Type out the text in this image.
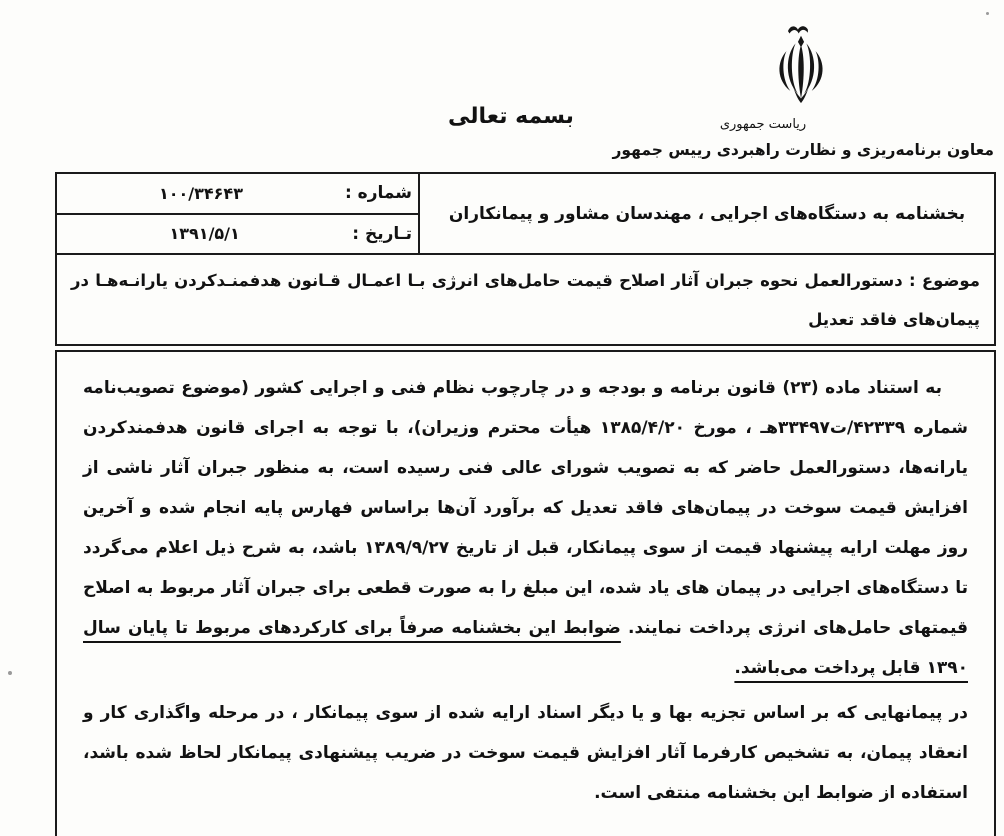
ریاست جمهوری
بسمه تعالی
معاون برنامه‌ریزی و نظارت راهبردی رییس جمهور
بخشنامه به دستگاه‌های اجرایی ، مهندسان مشاور و پیمانکاران
شماره :
۱۰۰/۳۴۶۴۳
تـاریخ :
۱۳۹۱/۵/۱
موضوع : دستورالعمل نحوه جبران آثار اصلاح قیمت حامل‌های انرژی بـا اعمـال قـانون هدفمنـدکردن یارانـه‌هـا در
پیمان‌های فاقد تعدیل

به استناد ماده (۲۳) قانون برنامه و بودجه و در چارچوب نظام فنی و اجرایی کشور (موضوع تصویب‌نامه شماره ۴۲۳۳۹/ت۳۳۴۹۷هـ ، مورخ ۱۳۸۵/۴/۲۰ هیأت محترم وزیران)، با توجه به اجرای قانون هدفمندکردن یارانه‌ها، دستورالعمل حاضر که به تصویب شورای عالی فنی رسیده است، به منظور جبران آثار ناشی از افزایش قیمت سوخت در پیمان‌های فاقد تعدیل که برآورد آن‌ها براساس فهارس پایه انجام شده و آخرین روز مهلت ارایه پیشنهاد قیمت از سوی پیمانکار، قبل از تاریخ ۱۳۸۹/۹/۲۷ باشد، به شرح ذیل اعلام می‌گردد تا دستگاه‌های اجرایی در پیمان های یاد شده، این مبلغ را به صورت قطعی برای جبران آثار مربوط به اصلاح قیمتهای حامل‌های انرژی پرداخت نمایند. ضوابط این بخشنامه صرفاً برای کارکردهای مربوط تا پایان سال ۱۳۹۰ قابل پرداخت می‌باشد.

در پیمانهایی که بر اساس تجزیه بها و یا دیگر اسناد ارایه شده از سوی پیمانکار ، در مرحله واگذاری کار و انعقاد پیمان، به تشخیص کارفرما آثار افزایش قیمت سوخت در ضریب پیشنهادی پیمانکار لحاظ شده باشد، استفاده از ضوابط این بخشنامه منتفی است.
